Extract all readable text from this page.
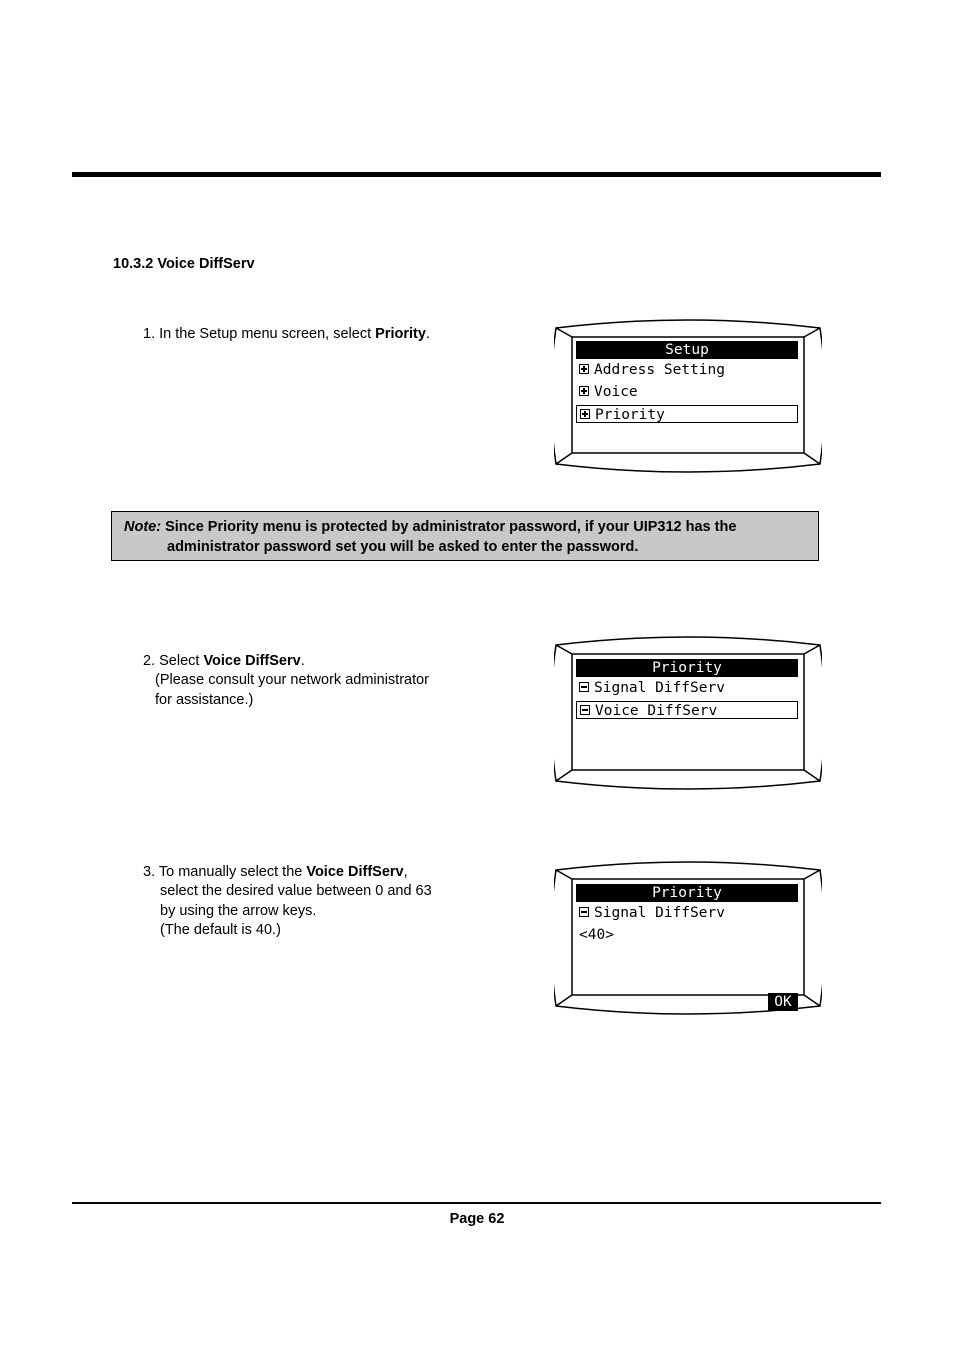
10.3.2 Voice DiffServ
1. In the Setup menu screen, select Priority.
Setup
Address Setting
Voice
Priority
Note: Since Priority menu is protected by administrator password, if your UIP312 has the
administrator password set you will be asked to enter the password.
2. Select Voice DiffServ.
(Please consult your network administrator
for assistance.)
Priority
Signal DiffServ
Voice DiffServ
3. To manually select the Voice DiffServ,
select the desired value between 0 and 63
by using the arrow keys.
(The default is 40.)
Priority
Signal DiffServ
<40>
OK
Page 62
